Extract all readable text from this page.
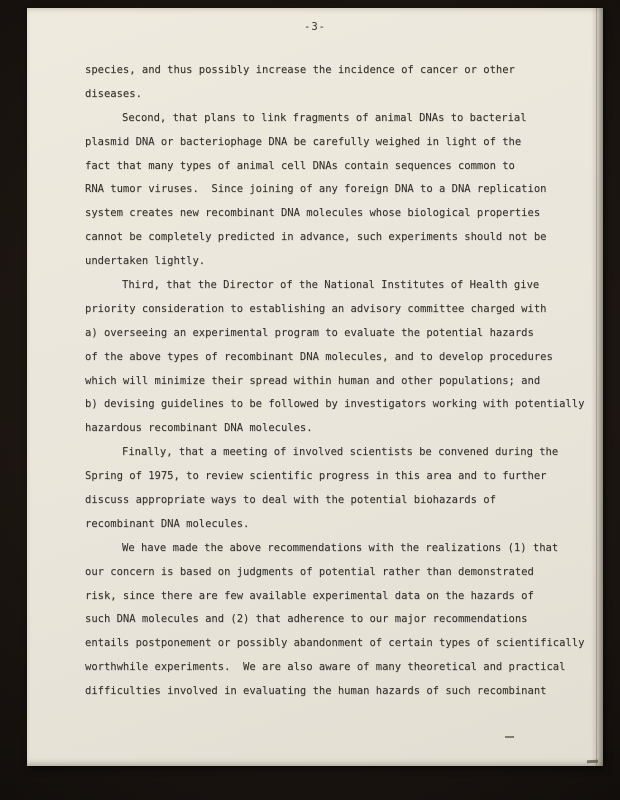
-3-
species, and thus possibly increase the incidence of cancer or other
diseases.
Second, that plans to link fragments of animal DNAs to bacterial
plasmid DNA or bacteriophage DNA be carefully weighed in light of the
fact that many types of animal cell DNAs contain sequences common to
RNA tumor viruses.  Since joining of any foreign DNA to a DNA replication
system creates new recombinant DNA molecules whose biological properties
cannot be completely predicted in advance, such experiments should not be
undertaken lightly.
Third, that the Director of the National Institutes of Health give
priority consideration to establishing an advisory committee charged with
a) overseeing an experimental program to evaluate the potential hazards
of the above types of recombinant DNA molecules, and to develop procedures
which will minimize their spread within human and other populations; and
b) devising guidelines to be followed by investigators working with potentially
hazardous recombinant DNA molecules.
Finally, that a meeting of involved scientists be convened during the
Spring of 1975, to review scientific progress in this area and to further
discuss appropriate ways to deal with the potential biohazards of
recombinant DNA molecules.
We have made the above recommendations with the realizations (1) that
our concern is based on judgments of potential rather than demonstrated
risk, since there are few available experimental data on the hazards of
such DNA molecules and (2) that adherence to our major recommendations
entails postponement or possibly abandonment of certain types of scientifically
worthwhile experiments.  We are also aware of many theoretical and practical
difficulties involved in evaluating the human hazards of such recombinant
